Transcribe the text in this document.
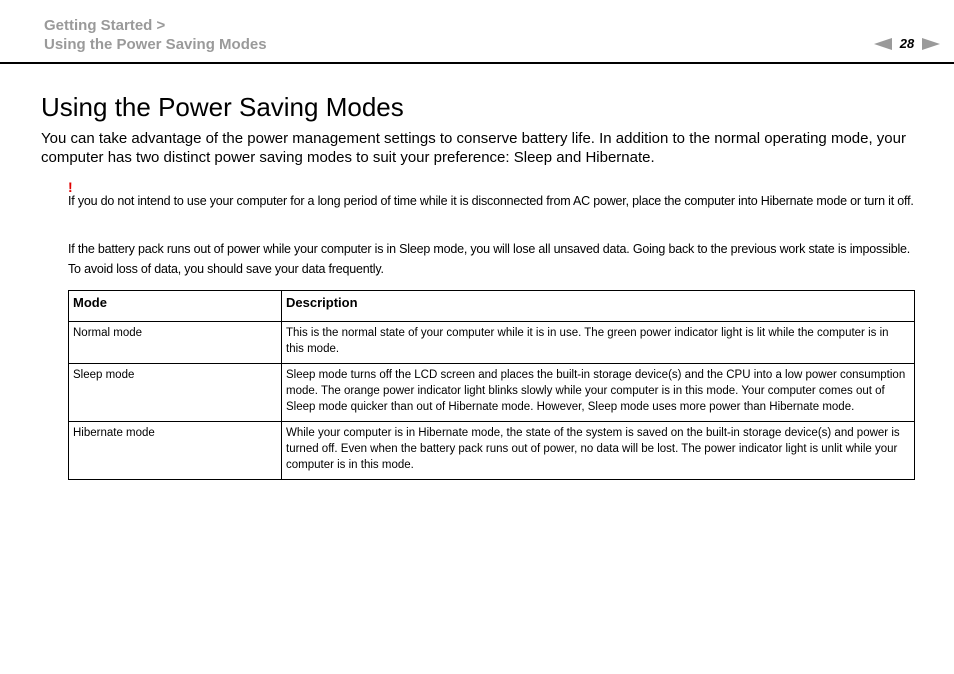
Getting Started >
Using the Power Saving Modes	28
Using the Power Saving Modes

You can take advantage of the power management settings to conserve battery life. In addition to the normal operating mode, your computer has two distinct power saving modes to suit your preference: Sleep and Hibernate.

!

If you do not intend to use your computer for a long period of time while it is disconnected from AC power, place the computer into Hibernate mode or turn it off.

If the battery pack runs out of power while your computer is in Sleep mode, you will lose all unsaved data. Going back to the previous work state is impossible. To avoid loss of data, you should save your data frequently.

Mode	Description
Normal mode	This is the normal state of your computer while it is in use. The green power indicator light is lit while the computer is in this mode.
Sleep mode	Sleep mode turns off the LCD screen and places the built-in storage device(s) and the CPU into a low power consumption mode. The orange power indicator light blinks slowly while your computer is in this mode. Your computer comes out of Sleep mode quicker than out of Hibernate mode. However, Sleep mode uses more power than Hibernate mode.
Hibernate mode	While your computer is in Hibernate mode, the state of the system is saved on the built-in storage device(s) and power is turned off. Even when the battery pack runs out of power, no data will be lost. The power indicator light is unlit while your computer is in this mode.
